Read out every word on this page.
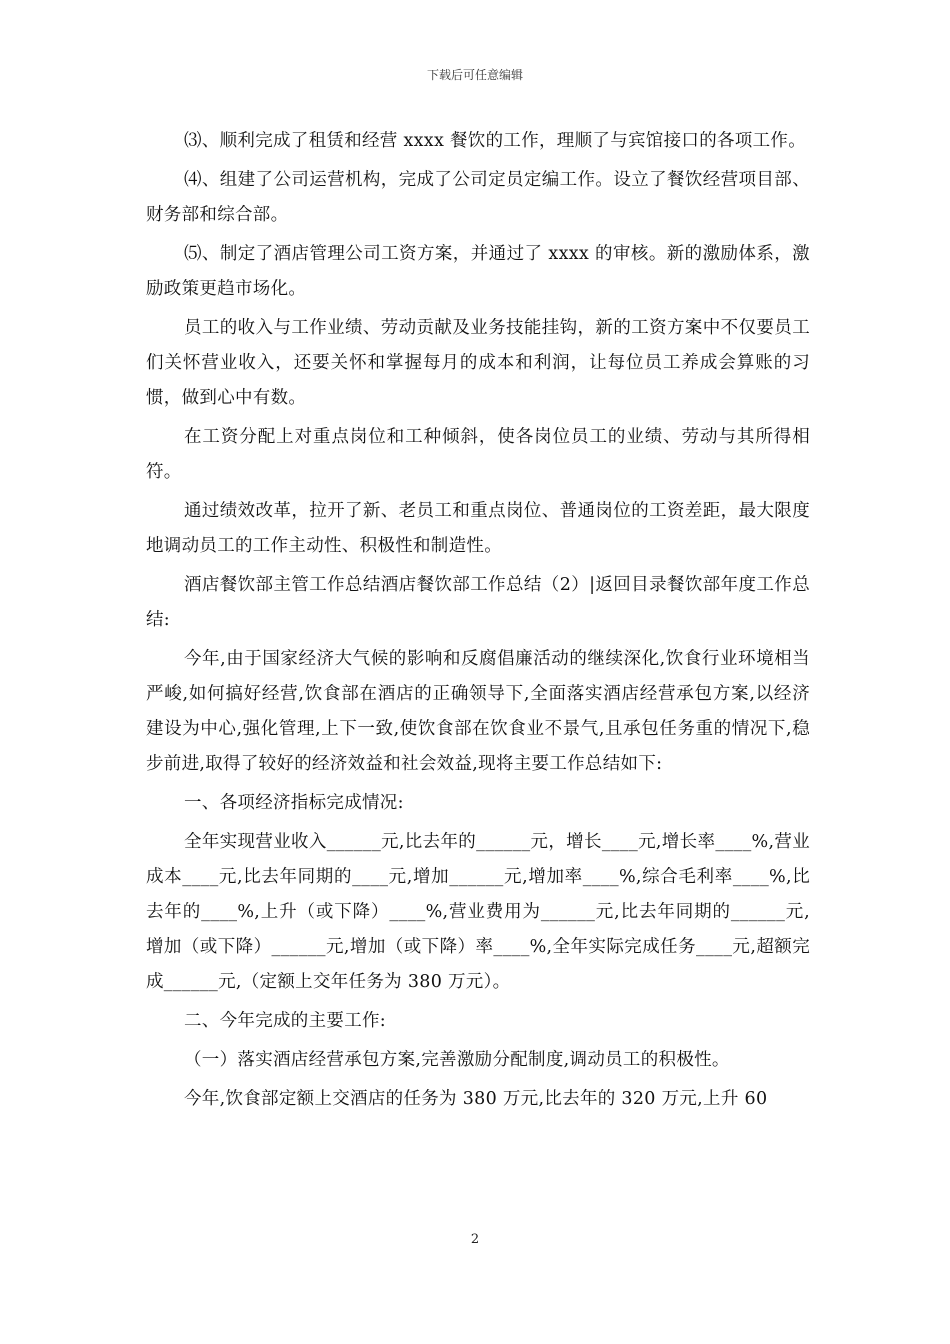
下载后可任意编辑

⑶、顺利完成了租赁和经营 xxxx 餐饮的工作，理顺了与宾馆接口的各项工作。

⑷、组建了公司运营机构，完成了公司定员定编工作。设立了餐饮经营项目部、财务部和综合部。

⑸、制定了酒店管理公司工资方案，并通过了 xxxx 的审核。新的激励体系，激励政策更趋市场化。

员工的收入与工作业绩、劳动贡献及业务技能挂钩，新的工资方案中不仅要员工们关怀营业收入，还要关怀和掌握每月的成本和利润，让每位员工养成会算账的习惯，做到心中有数。

在工资分配上对重点岗位和工种倾斜，使各岗位员工的业绩、劳动与其所得相符。

通过绩效改革，拉开了新、老员工和重点岗位、普通岗位的工资差距，最大限度地调动员工的工作主动性、积极性和制造性。

酒店餐饮部主管工作总结酒店餐饮部工作总结（2）|返回目录餐饮部年度工作总结:

今年,由于国家经济大气候的影响和反腐倡廉活动的继续深化,饮食行业环境相当严峻,如何搞好经营,饮食部在酒店的正确领导下,全面落实酒店经营承包方案,以经济建设为中心,强化管理,上下一致,使饮食部在饮食业不景气,且承包任务重的情况下,稳步前进,取得了较好的经济效益和社会效益,现将主要工作总结如下:

一、各项经济指标完成情况:

全年实现营业收入______元,比去年的______元，增长____元,增长率____%,营业成本____元,比去年同期的____元,增加______元,增加率____%,综合毛利率____%,比去年的____%,上升（或下降）____%,营业费用为______元,比去年同期的______元,增加（或下降）______元,增加（或下降）率____%,全年实际完成任务____元,超额完成______元,（定额上交年任务为 380 万元）。

二、今年完成的主要工作:

（一）落实酒店经营承包方案,完善激励分配制度,调动员工的积极性。

今年,饮食部定额上交酒店的任务为 380 万元,比去年的 320 万元,上升 60

2
